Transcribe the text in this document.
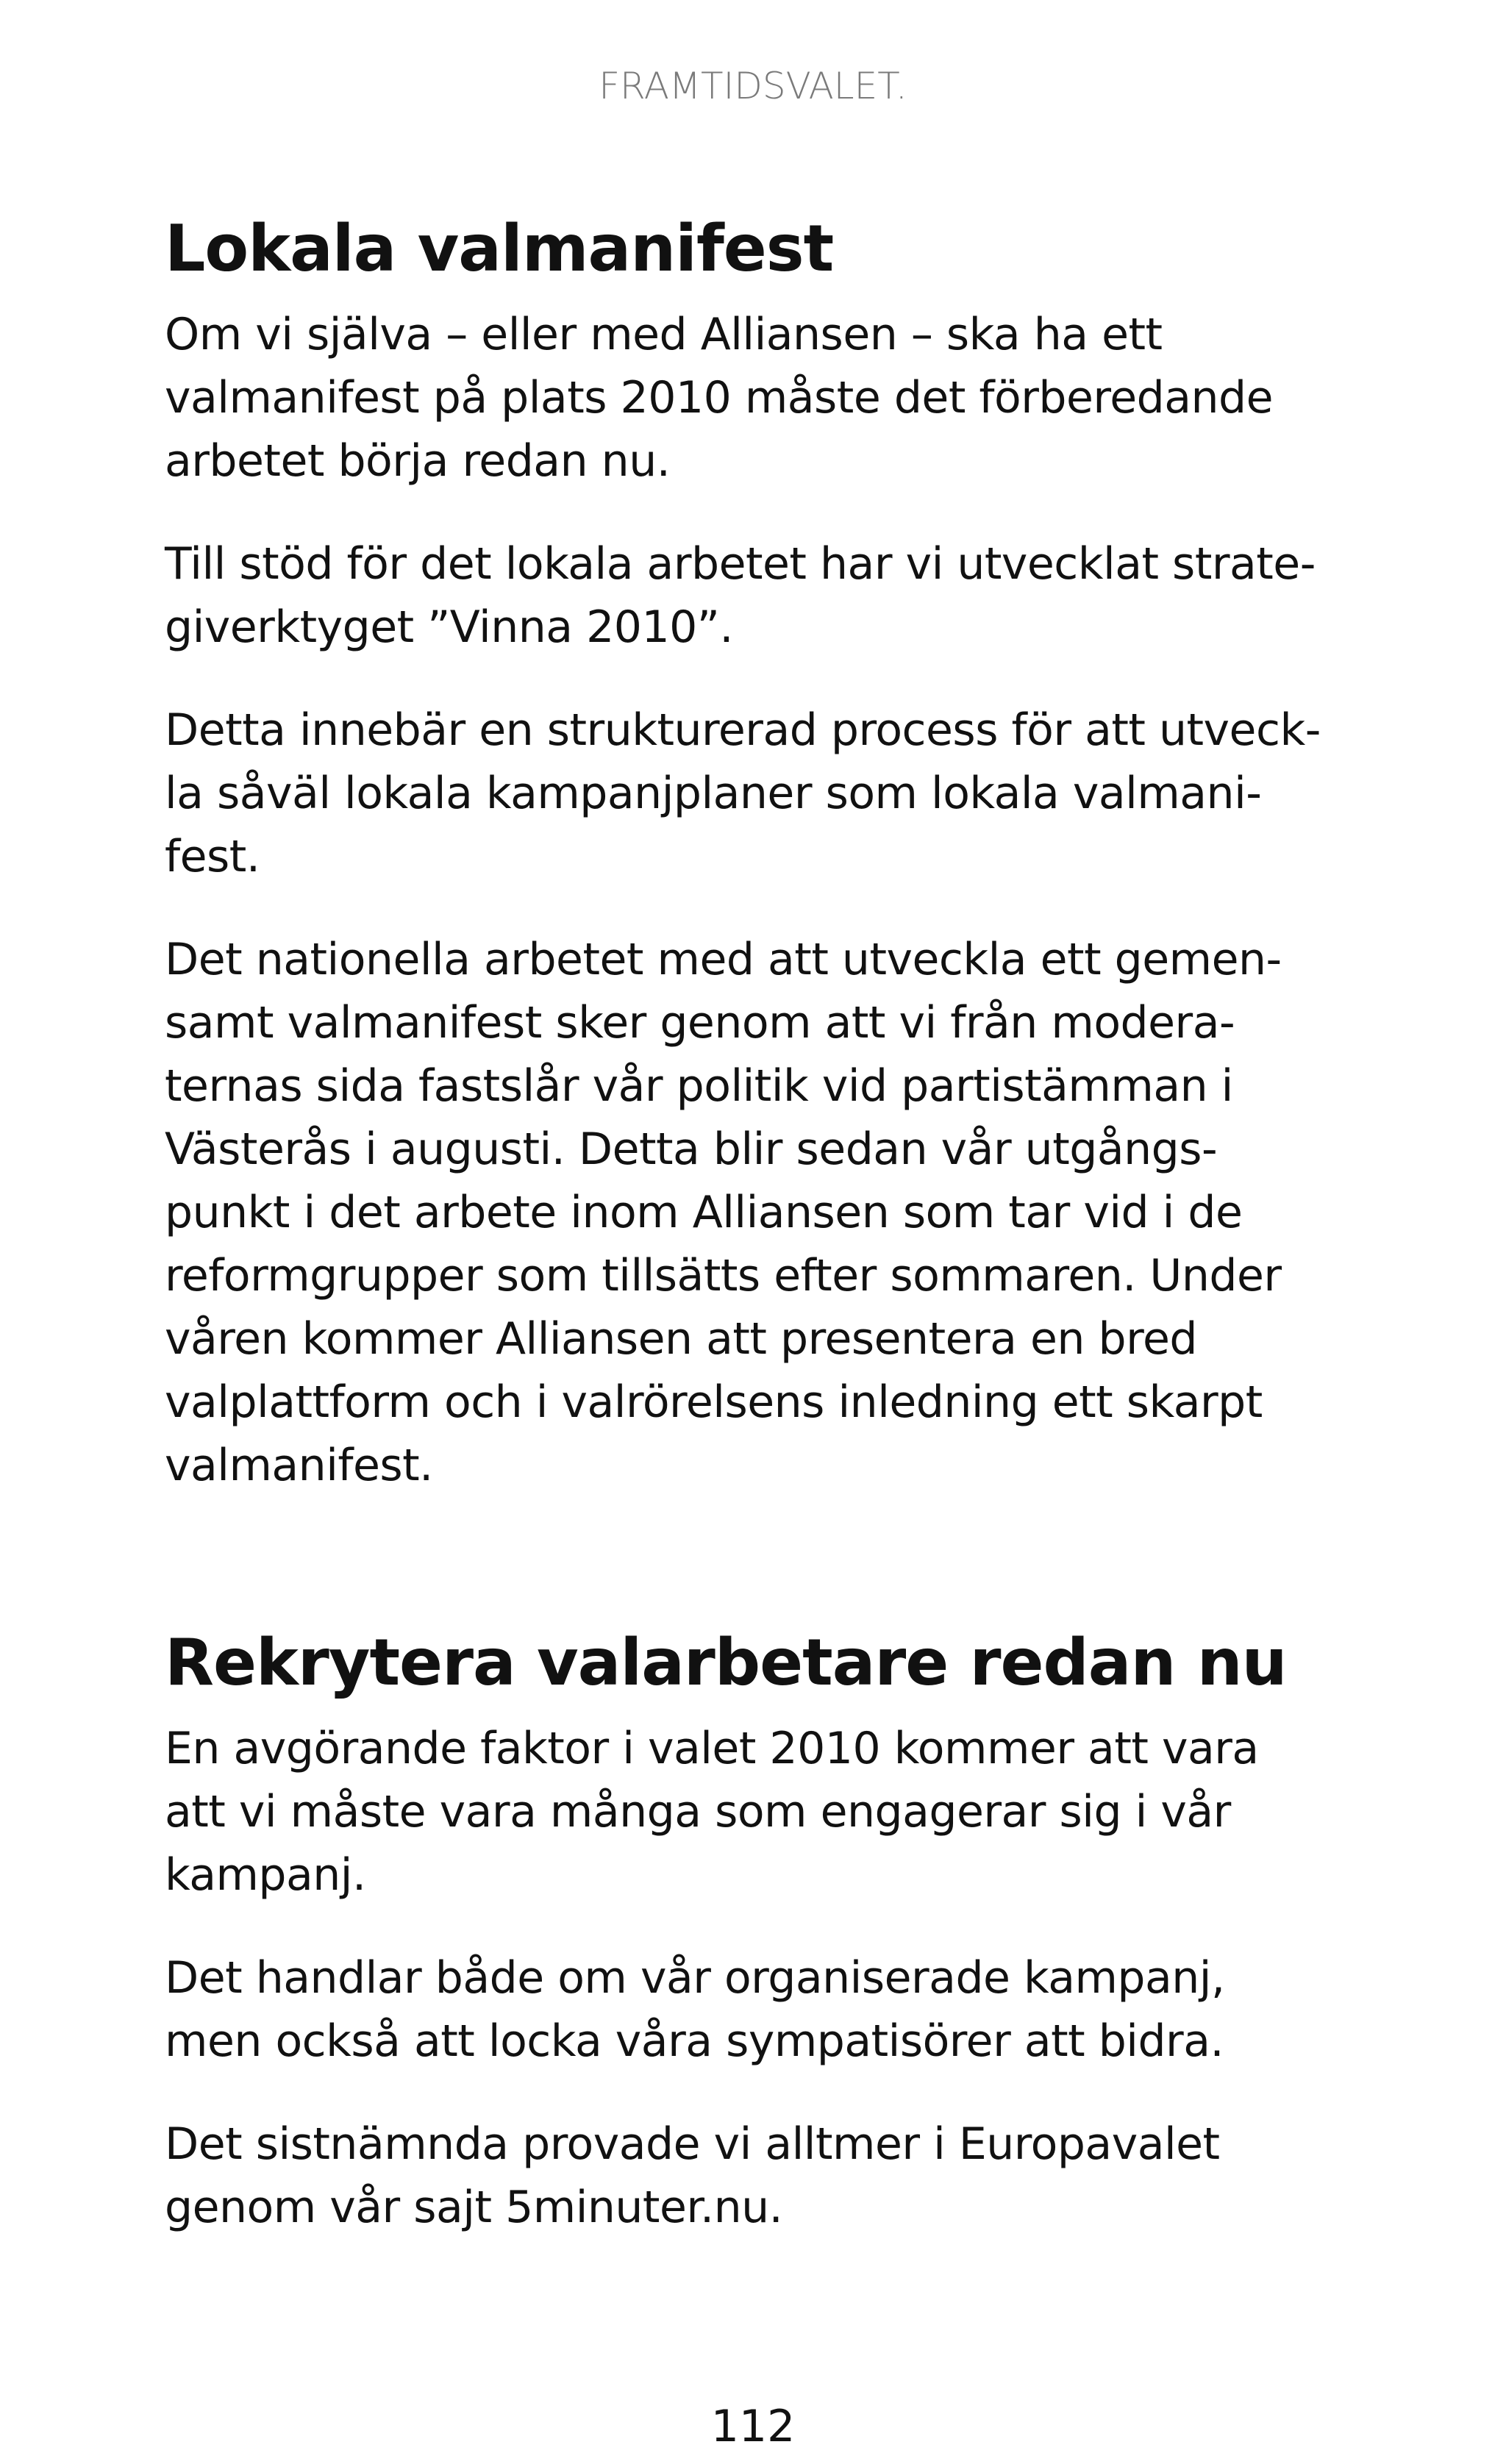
FRAMTIDSVALET.
Lokala valmanifest

Om vi själva – eller med Alliansen – ska ha ett
valmanifest på plats 2010 måste det förberedande
arbetet börja redan nu.

Till stöd för det lokala arbetet har vi utvecklat strate-
giverktyget ”Vinna 2010”.

Detta innebär en strukturerad process för att utveck-
la såväl lokala kampanjplaner som lokala valmani-
fest.

Det nationella arbetet med att utveckla ett gemen-
samt valmanifest sker genom att vi från modera-
ternas sida fastslår vår politik vid partistämman i
Västerås i augusti. Detta blir sedan vår utgångs-
punkt i det arbete inom Alliansen som tar vid i de
reformgrupper som tillsätts efter sommaren. Under
våren kommer Alliansen att presentera en bred
valplattform och i valrörelsens inledning ett skarpt
valmanifest.

Rekrytera valarbetare redan nu

En avgörande faktor i valet 2010 kommer att vara
att vi måste vara många som engagerar sig i vår
kampanj.

Det handlar både om vår organiserade kampanj,
men också att locka våra sympatisörer att bidra.

Det sistnämnda provade vi alltmer i Europavalet
genom vår sajt 5minuter.nu.

112
